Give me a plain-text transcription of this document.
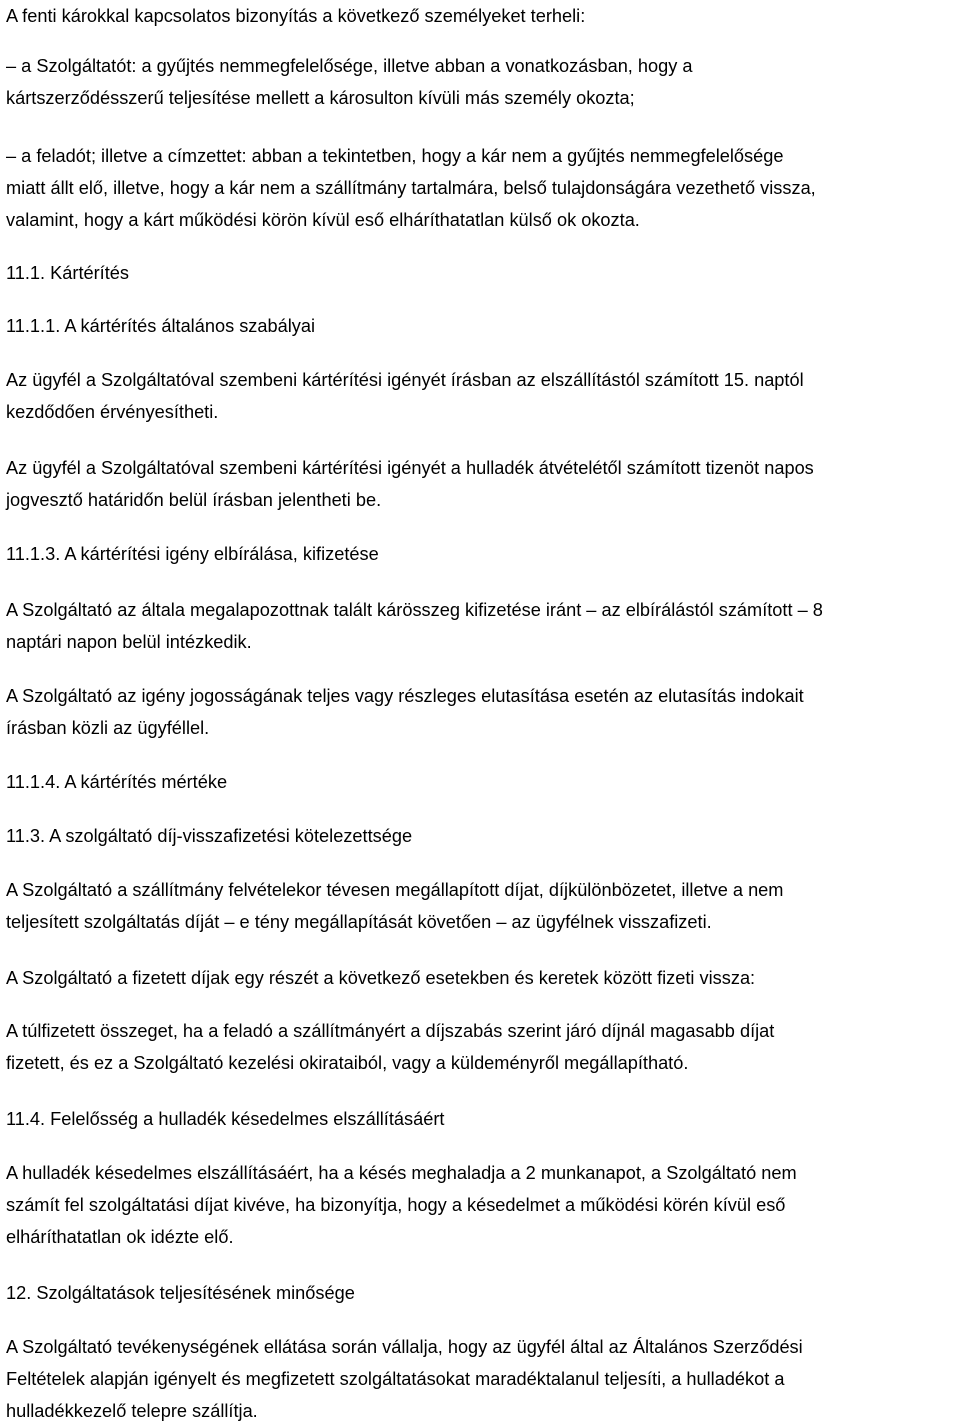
A fenti károkkal kapcsolatos bizonyítás a következő személyeket terheli:
– a Szolgáltatót: a gyűjtés nemmegfelelősége, illetve abban a vonatkozásban, hogy a
kártszerződésszerű teljesítése mellett a károsulton kívüli más személy okozta;
– a feladót; illetve a címzettet: abban a tekintetben, hogy a kár nem a gyűjtés nemmegfelelősége
miatt állt elő, illetve, hogy a kár nem a szállítmány tartalmára, belső tulajdonságára vezethető vissza,
valamint, hogy a kárt működési körön kívül eső elháríthatatlan külső ok okozta.
11.1. Kártérítés
11.1.1. A kártérítés általános szabályai
Az ügyfél a Szolgáltatóval szembeni kártérítési igényét írásban az elszállítástól számított 15. naptól
kezdődően érvényesítheti.
Az ügyfél a Szolgáltatóval szembeni kártérítési igényét a hulladék átvételétől számított tizenöt napos
jogvesztő határidőn belül írásban jelentheti be.
11.1.3. A kártérítési igény elbírálása, kifizetése
A Szolgáltató az általa megalapozottnak talált kárösszeg kifizetése iránt – az elbírálástól számított – 8
naptári napon belül intézkedik.
A Szolgáltató az igény jogosságának teljes vagy részleges elutasítása esetén az elutasítás indokait
írásban közli az ügyféllel.
11.1.4. A kártérítés mértéke
11.3. A szolgáltató díj-visszafizetési kötelezettsége
A Szolgáltató a szállítmány felvételekor tévesen megállapított díjat, díjkülönbözetet, illetve a nem
teljesített szolgáltatás díját – e tény megállapítását követően – az ügyfélnek visszafizeti.
A Szolgáltató a fizetett díjak egy részét a következő esetekben és keretek között fizeti vissza:
A túlfizetett összeget, ha a feladó a szállítmányért a díjszabás szerint járó díjnál magasabb díjat
fizetett, és ez a Szolgáltató kezelési okirataiból, vagy a küldeményről megállapítható.
11.4. Felelősség a hulladék késedelmes elszállításáért
A hulladék késedelmes elszállításáért, ha a késés meghaladja a 2 munkanapot, a Szolgáltató nem
számít fel szolgáltatási díjat kivéve, ha bizonyítja, hogy a késedelmet a működési körén kívül eső
elháríthatatlan ok idézte elő.
12. Szolgáltatások teljesítésének minősége
A Szolgáltató tevékenységének ellátása során vállalja, hogy az ügyfél által az Általános Szerződési
Feltételek alapján igényelt és megfizetett szolgáltatásokat maradéktalanul teljesíti, a hulladékot a
hulladékkezelő telepre szállítja.
